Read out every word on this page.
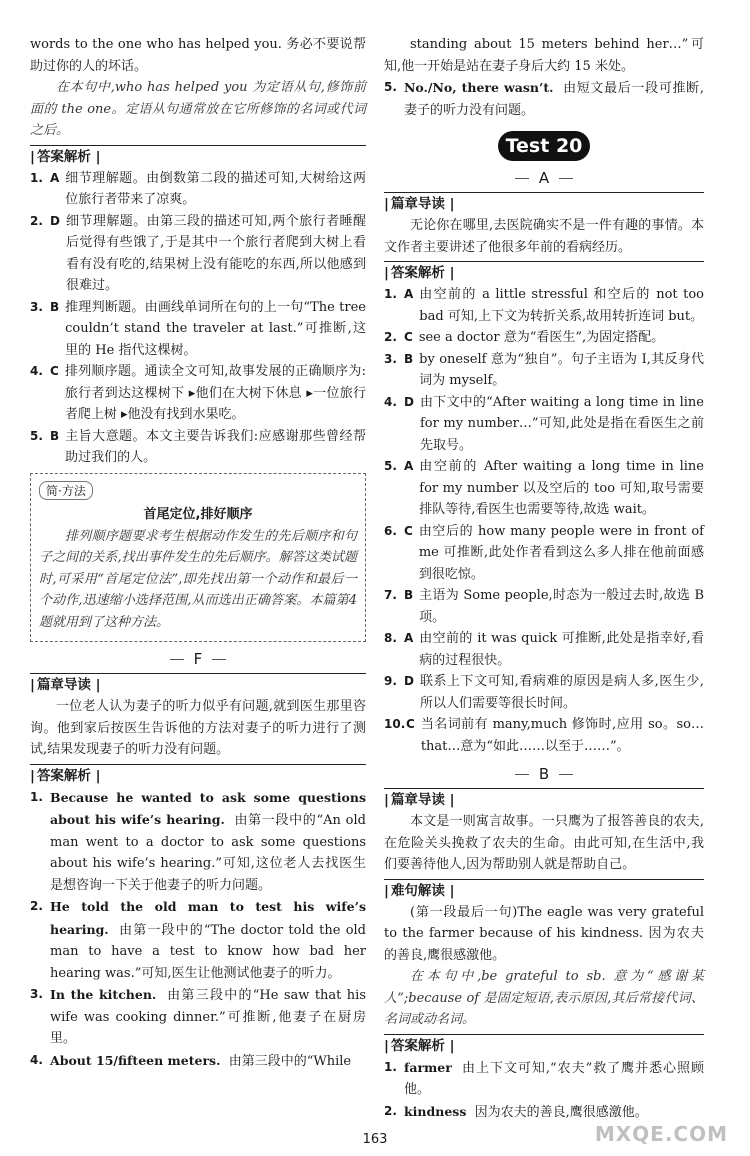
words to the one who has helped you. 务必不要说帮助过你的人的坏话。

在本句中,who has helped you 为定语从句,修饰前面的 the one。定语从句通常放在它所修饰的名词或代词之后。

| 答案解析 |
1. A 细节理解题。由倒数第二段的描述可知,大树给这两位旅行者带来了凉爽。
2. D 细节理解题。由第三段的描述可知,两个旅行者睡醒后觉得有些饿了,于是其中一个旅行者爬到大树上看看有没有吃的,结果树上没有能吃的东西,所以他感到很难过。
3. B 推理判断题。由画线单词所在句的上一句“The tree couldn’t stand the traveler at last.”可推断,这里的 He 指代这棵树。
4. C 排列顺序题。通读全文可知,故事发展的正确顺序为:旅行者到达这棵树下 ▸他们在大树下休息 ▸一位旅行者爬上树 ▸他没有找到水果吃。
5. B 主旨大意题。本文主要告诉我们:应感谢那些曾经帮助过我们的人。
简·方法
首尾定位,排好顺序

排列顺序题要求考生根据动作发生的先后顺序和句子之间的关系,找出事件发生的先后顺序。解答这类试题时,可采用“首尾定位法”,即先找出第一个动作和最后一个动作,迅速缩小选择范围,从而选出正确答案。本篇第4题就用到了这种方法。

F
| 篇章导读 |

一位老人认为妻子的听力似乎有问题,就到医生那里咨询。他到家后按医生告诉他的方法对妻子的听力进行了测试,结果发现妻子的听力没有问题。

| 答案解析 |
1. Because he wanted to ask some questions about his wife’s hearing. 由第一段中的“An old man went to a doctor to ask some questions about his wife’s hearing.”可知,这位老人去找医生是想咨询一下关于他妻子的听力问题。
2. He told the old man to test his wife’s hearing. 由第一段中的“The doctor told the old man to have a test to know how bad her hearing was.”可知,医生让他测试他妻子的听力。
3. In the kitchen. 由第三段中的“He saw that his wife was cooking dinner.”可推断,他妻子在厨房里。
4. About 15/fifteen meters. 由第三段中的“While

standing about 15 meters behind her…”可知,他一开始是站在妻子身后大约 15 米处。

5. No./No, there wasn’t. 由短文最后一段可推断,妻子的听力没有问题。
Test 20
A
| 篇章导读 |

无论你在哪里,去医院确实不是一件有趣的事情。本文作者主要讲述了他很多年前的看病经历。

| 答案解析 |
1. A 由空前的 a little stressful 和空后的 not too bad 可知,上下文为转折关系,故用转折连词 but。
2. C see a doctor 意为“看医生”,为固定搭配。
3. B by oneself 意为“独自”。句子主语为 I,其反身代词为 myself。
4. D 由下文中的“After waiting a long time in line for my number…”可知,此处是指在看医生之前先取号。
5. A 由空前的 After waiting a long time in line for my number 以及空后的 too 可知,取号需要排队等待,看医生也需要等待,故选 wait。
6. C 由空后的 how many people were in front of me 可推断,此处作者看到这么多人排在他前面感到很吃惊。
7. B 主语为 Some people,时态为一般过去时,故选 B 项。
8. A 由空前的 it was quick 可推断,此处是指幸好,看病的过程很快。
9. D 联系上下文可知,看病难的原因是病人多,医生少,所以人们需要等很长时间。
10. C 当名词前有 many,much 修饰时,应用 so。so…that…意为“如此……以至于……”。
B
| 篇章导读 |

本文是一则寓言故事。一只鹰为了报答善良的农夫,在危险关头挽救了农夫的生命。由此可知,在生活中,我们要善待他人,因为帮助别人就是帮助自己。

| 难句解读 |

(第一段最后一句)The eagle was very grateful to the farmer because of his kindness. 因为农夫的善良,鹰很感激他。

在本句中,be grateful to sb. 意为“感谢某人”;because of 是固定短语,表示原因,其后常接代词、名词或动名词。

| 答案解析 |
1. farmer 由上下文可知,“农夫”救了鹰并悉心照顾他。
2. kindness 因为农夫的善良,鹰很感激他。
163	MXQE.COM
